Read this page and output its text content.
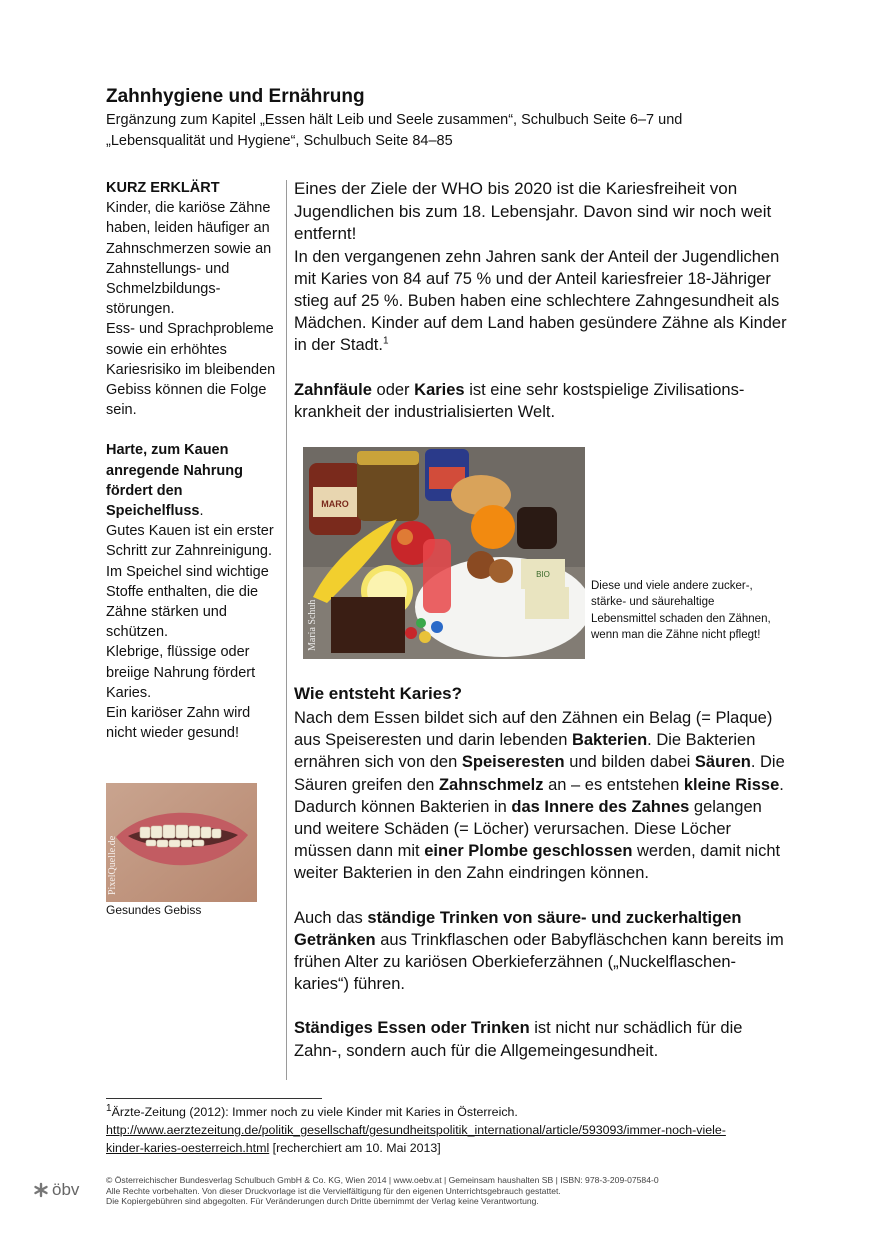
Zahnhygiene und Ernährung
Ergänzung zum Kapitel „Essen hält Leib und Seele zusammen“, Schulbuch Seite 6–7 und
„Lebensqualität und Hygiene“, Schulbuch Seite 84–85

KURZ ERKLÄRT

Kinder, die kariöse Zähne haben, leiden häufiger an Zahnschmerzen sowie an Zahnstellungs- und Schmelzbildungs-störungen.

Ess- und Sprachprobleme sowie ein erhöhtes Kariesrisiko im bleibenden Gebiss können die Folge sein.

Harte, zum Kauen anregende Nahrung fördert den Speichelfluss.

Gutes Kauen ist ein erster Schritt zur Zahnreinigung.

Im Speichel sind wichtige Stoffe enthalten, die die Zähne stärken und schützen.

Klebrige, flüssige oder breiige Nahrung fördert Karies.

Ein kariöser Zahn wird nicht wieder gesund!

PixelQuelle.de
Gesundes Gebiss

Eines der Ziele der WHO bis 2020 ist die Kariesfreiheit von Jugendlichen bis zum 18. Lebensjahr. Davon sind wir noch weit entfernt!

In den vergangenen zehn Jahren sank der Anteil der Jugendlichen mit Karies von 84 auf 75 % und der Anteil kariesfreier 18-Jähriger stieg auf 25 %. Buben haben eine schlechtere Zahngesundheit als Mädchen. Kinder auf dem Land haben gesündere Zähne als Kinder in der Stadt.$^1$

Zahnfäule oder Karies ist eine sehr kostspielige Zivilisations-krankheit der industrialisierten Welt.

MARO
BIO
Maria Schuh
Diese und viele andere zucker-, stärke- und säurehaltige Lebensmittel schaden den Zähnen, wenn man die Zähne nicht pflegt!
Wie entsteht Karies?

Nach dem Essen bildet sich auf den Zähnen ein Belag (= Plaque) aus Speiseresten und darin lebenden Bakterien. Die Bakterien ernähren sich von den Speiseresten und bilden dabei Säuren. Die Säuren greifen den Zahnschmelz an – es entstehen kleine Risse. Dadurch können Bakterien in das Innere des Zahnes gelangen und weitere Schäden (= Löcher) verursachen. Diese Löcher müssen dann mit einer Plombe geschlossen werden, damit nicht weiter Bakterien in den Zahn eindringen können.

Auch das ständige Trinken von säure- und zuckerhaltigen Getränken aus Trinkflaschen oder Babyfläschchen kann bereits im frühen Alter zu kariösen Oberkieferzähnen („Nuckelflaschen-karies“) führen.

Ständiges Essen oder Trinken ist nicht nur schädlich für die Zahn-, sondern auch für die Allgemeingesundheit.

$^1$Ärzte-Zeitung (2012): Immer noch zu viele Kinder mit Karies in Österreich.

http://www.aerztezeitung.de/politik_gesellschaft/gesundheitspolitik_international/article/593093/immer-noch-viele-
kinder-karies-oesterreich.html [recherchiert am 10. Mai 2013]

öbv	© Österreichischer Bundesverlag Schulbuch GmbH & Co. KG, Wien 2014 | www.oebv.at | Gemeinsam haushalten SB | ISBN: 978-3-209-07584-0

Alle Rechte vorbehalten. Von dieser Druckvorlage ist die Vervielfältigung für den eigenen Unterrichtsgebrauch gestattet.

Die Kopiergebühren sind abgegolten. Für Veränderungen durch Dritte übernimmt der Verlag keine Verantwortung.
